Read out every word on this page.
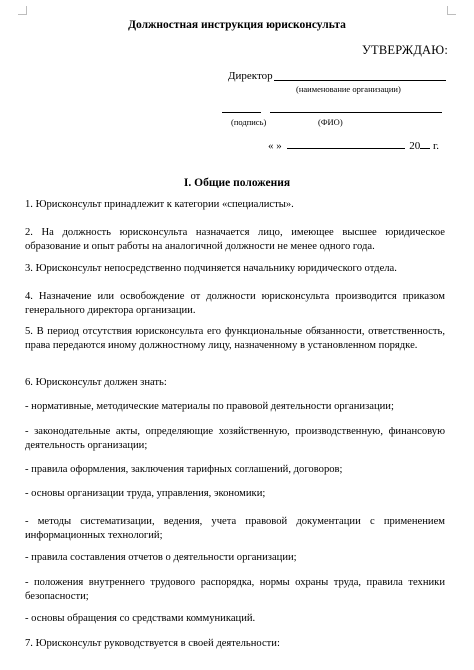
Должностная инструкция юрисконсульта
УТВЕРЖДАЮ:
Директор
(наименование организации)
(подпись)	(ФИО)
« »	20 г.
I. Общие положения
1. Юрисконсульт принадлежит к категории «специалисты».
2. На должность юрисконсульта назначается лицо, имеющее высшее юридическое образование и опыт работы на аналогичной должности не менее одного года.
3. Юрисконсульт непосредственно подчиняется начальнику юридического отдела.
4. Назначение или освобождение от должности юрисконсульта производится приказом генерального директора организации.
5. В период отсутствия юрисконсульта его функциональные обязанности, ответственность, права передаются иному должностному лицу, назначенному в установленном порядке.
6. Юрисконсульт должен знать:
- нормативные, методические материалы по правовой деятельности организации;
- законодательные акты, определяющие хозяйственную, производственную, финансовую деятельность организации;
- правила оформления, заключения тарифных соглашений, договоров;
- основы организации труда, управления, экономики;
- методы систематизации, ведения, учета правовой документации с применением информационных технологий;
- правила составления отчетов о деятельности организации;
- положения внутреннего трудового распорядка, нормы охраны труда, правила техники безопасности;
- основы обращения со средствами коммуникаций.
7. Юрисконсульт руководствуется в своей деятельности:
